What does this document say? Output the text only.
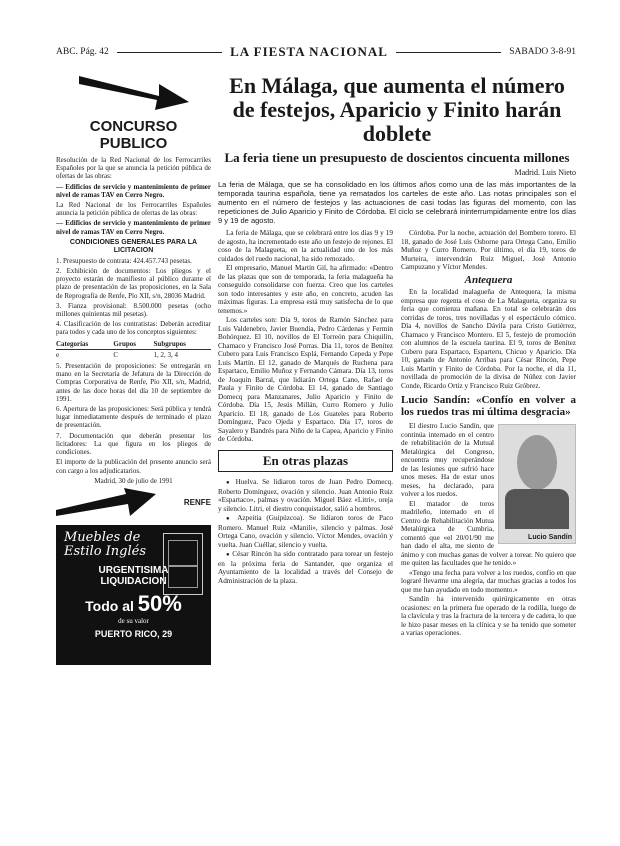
ABC. Pág. 42	LA FIESTA NACIONAL	SABADO 3-8-91
CONCURSO PUBLICO

Resolución de la Red Nacional de los Ferrocarriles Españoles por la que se anuncia la petición pública de ofertas de las obras:

— Edificios de servicio y mantenimiento de primer nivel de ramas TAV en Cerro Negro.

La Red Nacional de los Ferrocarriles Españoles anuncia la petición pública de ofertas de las obras:

— Edificios de servicio y mantenimiento de primer nivel de ramas TAV en Cerro Negro.

CONDICIONES GENERALES PARA LA LICITACION

1. Presupuesto de contrata: 424.457.743 pesetas.

2. Exhibición de documentos: Los pliegos y el proyecto estarán de manifiesto al público durante el plazo de presentación de las proposiciones, en la Sala de Reprografía de Renfe, Pío XII, s/n, 28036 Madrid.

3. Fianza provisional: 8.500.000 pesetas (ocho millones quinientas mil pesetas).

4. Clasificación de los contratistas: Deberán acreditar para todos y cada uno de los conceptos siguientes:

Categorías	Grupos	Subgrupos
e	C	1, 2, 3, 4

5. Presentación de proposiciones: Se entregarán en mano en la Secretaría de Jefatura de la Dirección de Compras Corporativa de Renfe, Pío XII, s/n, Madrid, antes de las doce horas del día 10 de septiembre de 1991.

6. Apertura de las proposiciones: Será pública y tendrá lugar inmediatamente después de terminado el plazo de presentación.

7. Documentación que deberán presentar los licitadores: La que figura en los pliegos de condiciones.

El importe de la publicación del presente anuncio será con cargo a los adjudicatarios.

Madrid, 30 de julio de 1991

RENFE
Muebles de
Estilo Inglés
URGENTISIMA
LIQUIDACION
Todo al 50%
de su valor
PUERTO RICO, 29
En Málaga, que aumenta el número de festejos, Aparicio y Finito harán doblete
La feria tiene un presupuesto de doscientos cincuenta millones
Madrid. Luis Nieto
La feria de Málaga, que se ha consolidado en los últimos años como una de las más importantes de la temporada taurina española, tiene ya rematados los carteles de este año. Las notas principales son el aumento en el número de festejos y las actuaciones de casi todas las figuras del momento, con las repeticiones de Julio Aparicio y Finito de Córdoba. El ciclo se celebrará ininterrumpidamente entre los días 9 y 19 de agosto.

La feria de Málaga, que se celebrará entre los días 9 y 19 de agosto, ha incrementado este año un festejo de rejones. El coso de la Malagueta, en la actualidad uno de los más cuidados del ruedo nacional, ha sido remozado.

El empresario, Manuel Martín Gil, ha afirmado: «Dentro de las plazas que son de temporada, la feria malagueña ha conseguido consolidarse con fuerza. Creo que los carteles son todo interesantes y este año, en concreto, acuden las máximas figuras. La empresa está muy satisfecha de lo que tenemos.»

Los carteles son: Día 9, toros de Ramón Sánchez para Luis Valdenebro, Javier Buendía, Pedro Cárdenas y Fermín Bohórquez. El 10, novillos de El Torreón para Chiquilín, Chamaco y Francisco José Porras. Día 11, toros de Benítez Cubero para Luis Francisco Esplá, Fernando Cepeda y Pepe Luis Martín. El 12, ganado de Marqués de Ruchena para Espartaco, Emilio Muñoz y Fernando Cámara. Día 13, toros de Joaquín Barral, que lidiarán Ortega Cano, Rafael de Paula y Finito de Córdoba. El 14, ganado de Santiago Domecq para Manzanares, Julio Aparicio y Finito de Córdoba. Día 15, Jesús Millán, Curro Romero y Julio Aparicio. El 18, ganado de Los Guateles para Roberto Domínguez, Paco Ojeda y Espartaco. Día 17, toros de Sayalero y Bandrés para Niño de la Capea, Aparicio y Finito de Córdoba.

En otras plazas

● Huelva. Se lidiaron toros de Juan Pedro Domecq. Roberto Domínguez, ovación y silencio. Juan Antonio Ruiz «Espartaco», palmas y ovación. Miguel Báez «Litri», oreja y silencio. Litri, el diestro conquistador, salió a hombros.

● Azpeitia (Guipúzcoa). Se lidiaron toros de Paco Romero. Manuel Ruiz «Manili», silencio y palmas. José Ortega Cano, ovación y silencio. Víctor Mendes, ovación y vuelta. Juan Cuéllar, silencio y vuelta.

● César Rincón ha sido contratado para torear un festejo en la próxima feria de Santander, que organiza el Ayuntamiento de la localidad a través del Consejo de Administración de la plaza.

Córdoba. Por la noche, actuación del Bombero torero. El 18, ganado de José Luis Osborne para Ortega Cano, Emilio Muñoz y Curro Romero. Por último, el día 19, toros de Murteira, intervendrán Ruiz Miguel, José Antonio Campuzano y Víctor Mendes.

Antequera

En la localidad malagueña de Antequera, la misma empresa que regenta el coso de La Malagueta, organiza su feria que comienza mañana. En total se celebrarán dos corridas de toros, tres novilladas y el espectáculo cómico. Día 4, novillos de Sancho Dávila para Cristo Gutiérrez, Chamaco y Francisco Montero. El 5, festejo de promoción con alumnos de la escuela taurina. El 9, toros de Benítez Cubero para Espartaco, Esparteru, Chicuo y Aparicio. Día 10, ganado de Antonio Arribas para César Rincón, Pepe Luis Martín y Finito de Córdoba. Por la noche, el día 11, novillada de promoción de la divisa de Núñez con Javier Conde, Ricardo Ortiz y Francisco Ruiz Gróbrez.

Lucio Sandín: «Confío en volver a los ruedos tras mi última desgracia»
Lucio Sandín

El diestro Lucio Sandín, que continúa internado en el centro de rehabilitación de la Mutual Metalúrgica del Congreso, encuentra muy recuperándose de las lesiones que sufrió hace unos meses. Ha de estar unos meses, ha declarado, para volver a los ruedos.

El matador de toros madrileño, internado en el Centro de Rehabilitación Mutua Metalúrgica de Cumbria, comentó que «el 20/01/90 me han dado el alta, me siento de ánimo y con muchas ganas de volver a torear. No quiero que me quiten las facultades que he tenido.»

«Tengo una fecha para volver a los ruedos, confío en que lograré llevarme una alegría, dar muchas gracias a todos los que me han ayudado en todo momento.»

Sandín ha intervenido quirúrgicamente en otras ocasiones: en la primera fue operado de la rodilla, luego de la clavícula y tras la fractura de la tercera y de cadera, lo que le hizo pasar meses en la clínica y se ha tenido que someter a varias operaciones.
